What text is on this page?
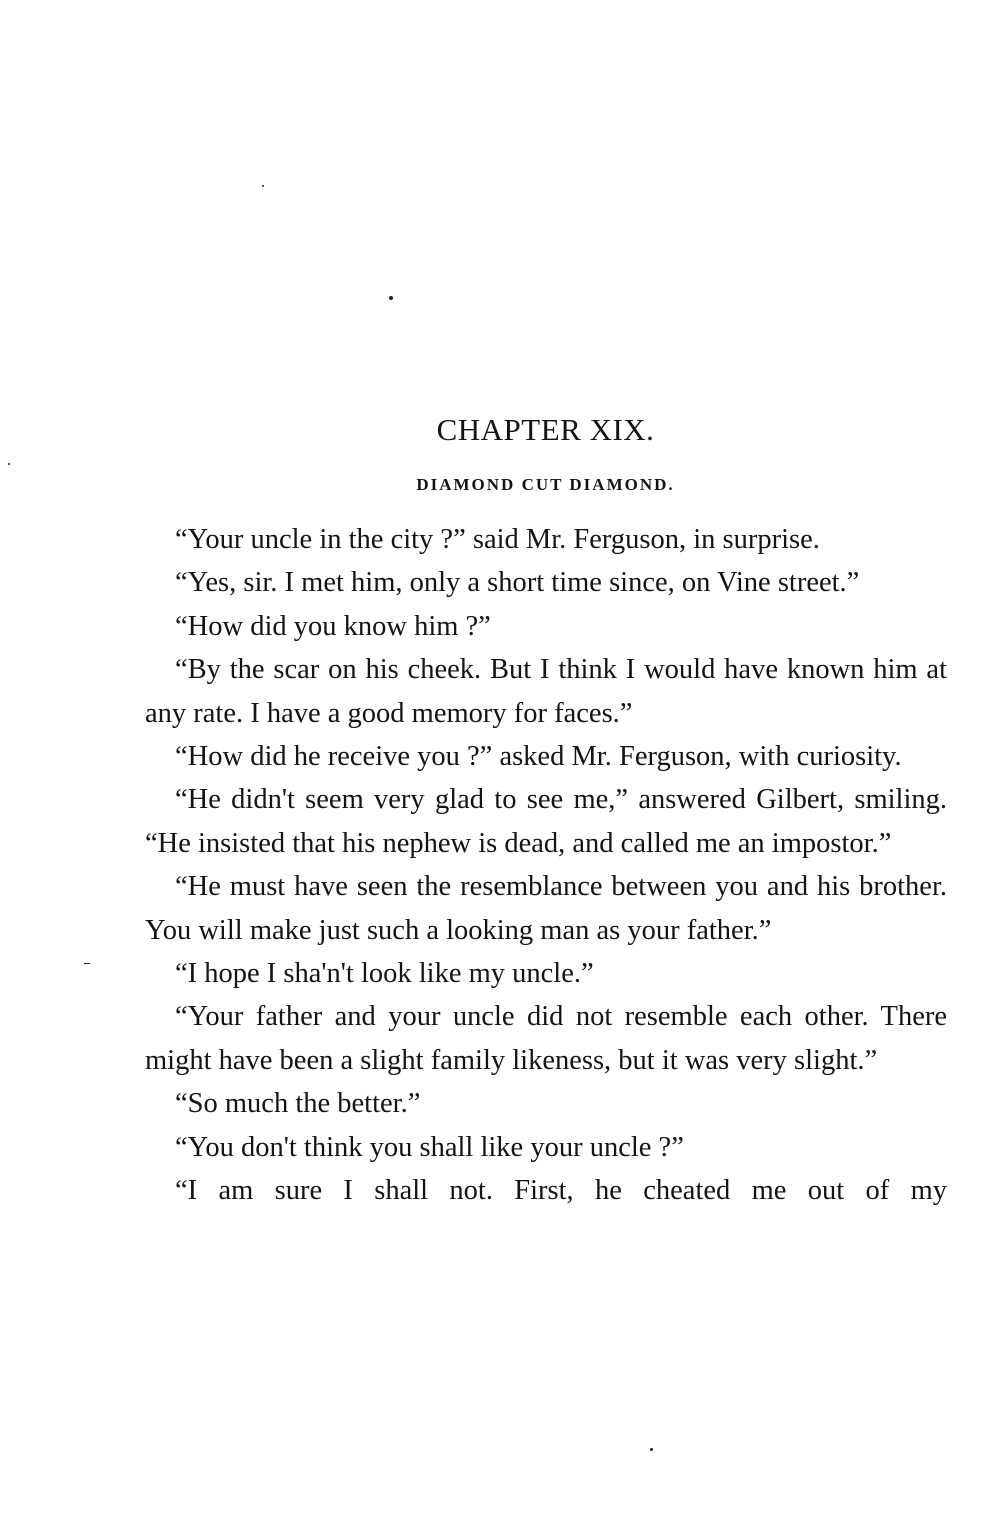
CHAPTER XIX.
DIAMOND CUT DIAMOND.

“Your uncle in the city ?” said Mr. Ferguson, in surprise.

“Yes, sir. I met him, only a short time since, on Vine street.”

“How did you know him ?”

“By the scar on his cheek. But I think I would have known him at any rate. I have a good memory for faces.”

“How did he receive you ?” asked Mr. Ferguson, with curiosity.

“He didn't seem very glad to see me,” answered Gilbert, smiling. “He insisted that his nephew is dead, and called me an impostor.”

“He must have seen the resemblance between you and his brother. You will make just such a looking man as your father.”

“I hope I sha'n't look like my uncle.”

“Your father and your uncle did not resemble each other. There might have been a slight family likeness, but it was very slight.”

“So much the better.”

“You don't think you shall like your uncle ?”

“I am sure I shall not. First, he cheated me out of my
